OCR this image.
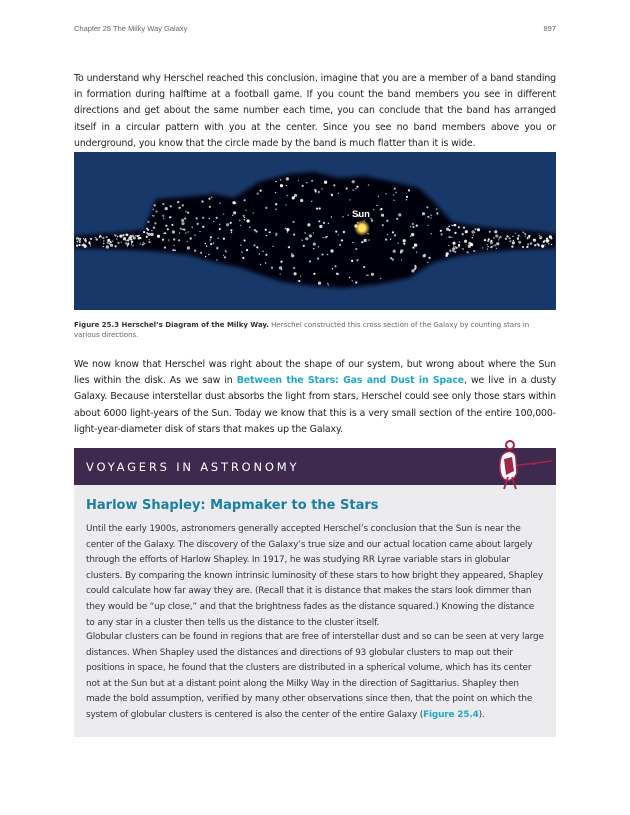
Chapter 25 The Milky Way Galaxy	897

To understand why Herschel reached this conclusion, imagine that you are a member of a band standing in formation during halftime at a football game. If you count the band members you see in different directions and get about the same number each time, you can conclude that the band has arranged itself in a circular pattern with you at the center. Since you see no band members above you or underground, you know that the circle made by the band is much flatter than it is wide.

Sun
Figure 25.3 Herschel’s Diagram of the Milky Way. Herschel constructed this cross section of the Galaxy by counting stars in various directions.

We now know that Herschel was right about the shape of our system, but wrong about where the Sun lies within the disk. As we saw in Between the Stars: Gas and Dust in Space, we live in a dusty Galaxy. Because interstellar dust absorbs the light from stars, Herschel could see only those stars within about 6000 light-years of the Sun. Today we know that this is a very small section of the entire 100,000-light-year-diameter disk of stars that makes up the Galaxy.

VOYAGERS IN ASTRONOMY
Harlow Shapley: Mapmaker to the Stars

Until the early 1900s, astronomers generally accepted Herschel’s conclusion that the Sun is near the center of the Galaxy. The discovery of the Galaxy’s true size and our actual location came about largely through the efforts of Harlow Shapley. In 1917, he was studying RR Lyrae variable stars in globular clusters. By comparing the known intrinsic luminosity of these stars to how bright they appeared, Shapley could calculate how far away they are. (Recall that it is distance that makes the stars look dimmer than they would be “up close,” and that the brightness fades as the distance squared.) Knowing the distance to any star in a cluster then tells us the distance to the cluster itself.

Globular clusters can be found in regions that are free of interstellar dust and so can be seen at very large distances. When Shapley used the distances and directions of 93 globular clusters to map out their positions in space, he found that the clusters are distributed in a spherical volume, which has its center not at the Sun but at a distant point along the Milky Way in the direction of Sagittarius. Shapley then made the bold assumption, verified by many other observations since then, that the point on which the system of globular clusters is centered is also the center of the entire Galaxy (Figure 25.4).
